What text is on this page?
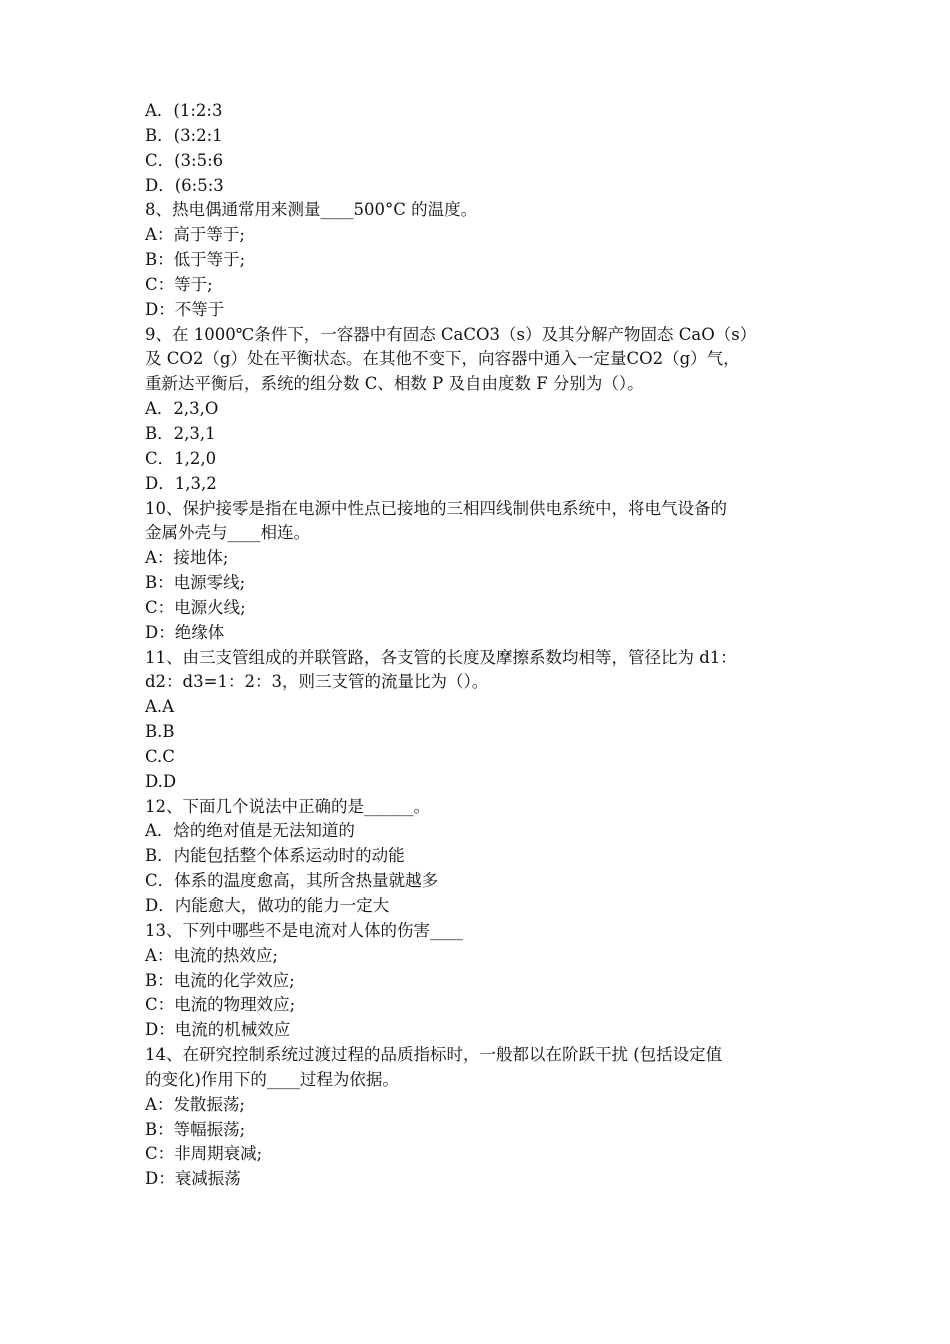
A．(1:2:3
B．(3:2:1
C．(3:5:6
D．(6:5:3
8、热电偶通常用来测量____500°C 的温度。
A：高于等于;
B：低于等于;
C：等于;
D：不等于
9、在 1000℃条件下，一容器中有固态 CaCO3（s）及其分解产物固态 CaO（s）
及 CO2（g）处在平衡状态。在其他不变下，向容器中通入一定量CO2（g）气，
重新达平衡后，系统的组分数 C、相数 P 及自由度数 F 分别为（）。
A．2,3,O
B．2,3,1
C．1,2,0
D．1,3,2
10、保护接零是指在电源中性点已接地的三相四线制供电系统中，将电气设备的
金属外壳与____相连。
A：接地体;
B：电源零线;
C：电源火线;
D：绝缘体
11、由三支管组成的并联管路，各支管的长度及摩擦系数均相等，管径比为 d1：
d2：d3=1：2：3，则三支管的流量比为（）。
A.A
B.B
C.C
D.D
12、下面几个说法中正确的是______。
A．焓的绝对值是无法知道的
B．内能包括整个体系运动时的动能
C．体系的温度愈高，其所含热量就越多
D．内能愈大，做功的能力一定大
13、下列中哪些不是电流对人体的伤害____
A：电流的热效应;
B：电流的化学效应;
C：电流的物理效应;
D：电流的机械效应
14、在研究控制系统过渡过程的品质指标时，一般都以在阶跃干扰 (包括设定值
的变化)作用下的____过程为依据。
A：发散振荡;
B：等幅振荡;
C：非周期衰减;
D：衰减振荡
